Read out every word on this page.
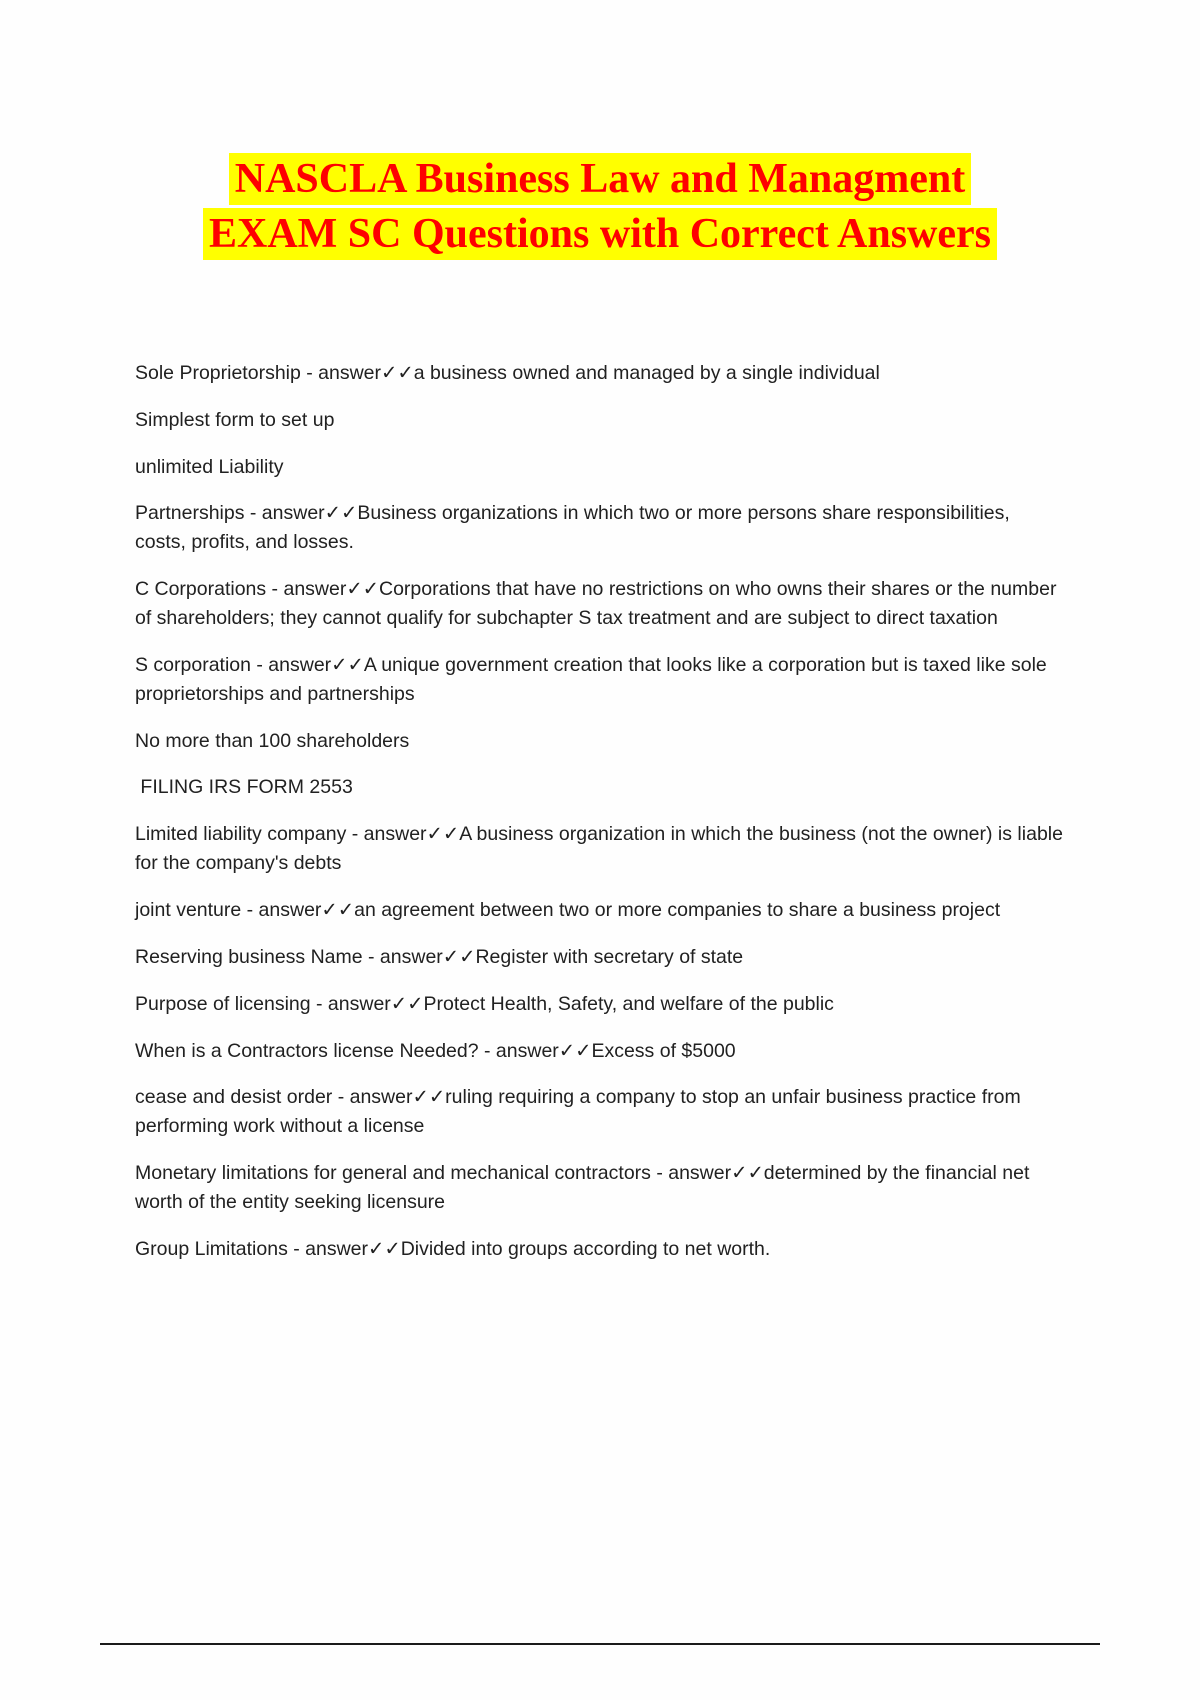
NASCLA Business Law and Managment
EXAM SC Questions with Correct Answers

Sole Proprietorship - answer✓✓a business owned and managed by a single individual

Simplest form to set up

unlimited Liability

Partnerships - answer✓✓Business organizations in which two or more persons share responsibilities, costs, profits, and losses.

C Corporations - answer✓✓Corporations that have no restrictions on who owns their shares or the number of shareholders; they cannot qualify for subchapter S tax treatment and are subject to direct taxation

S corporation - answer✓✓A unique government creation that looks like a corporation but is taxed like sole proprietorships and partnerships

No more than 100 shareholders

FILING IRS FORM 2553

Limited liability company - answer✓✓A business organization in which the business (not the owner) is liable for the company's debts

joint venture - answer✓✓an agreement between two or more companies to share a business project

Reserving business Name - answer✓✓Register with secretary of state

Purpose of licensing - answer✓✓Protect Health, Safety, and welfare of the public

When is a Contractors license Needed? - answer✓✓Excess of $5000

cease and desist order - answer✓✓ruling requiring a company to stop an unfair business practice from performing work without a license

Monetary limitations for general and mechanical contractors - answer✓✓determined by the financial net worth of the entity seeking licensure

Group Limitations - answer✓✓Divided into groups according to net worth.
